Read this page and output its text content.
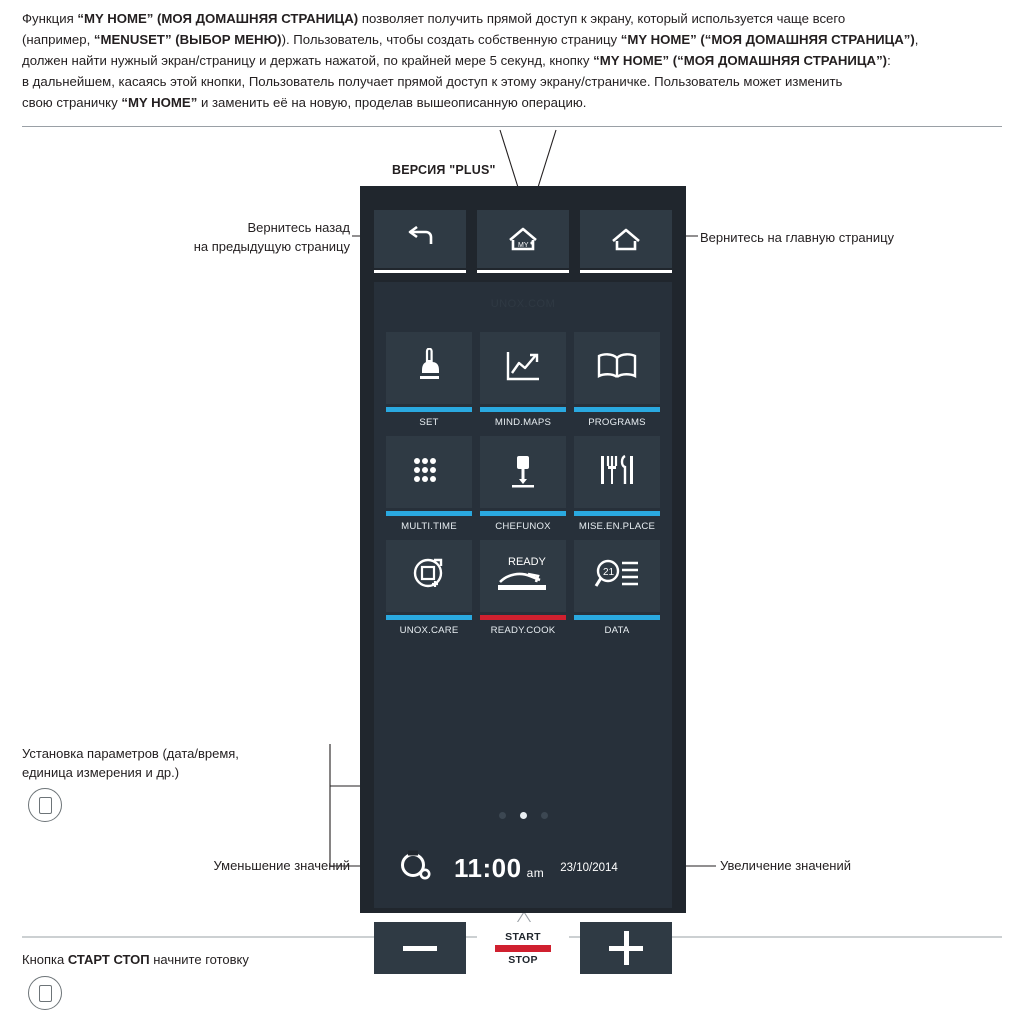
Функция “MY HOME” (МОЯ ДОМАШНЯЯ СТРАНИЦА) позволяет получить прямой доступ к экрану, который используется чаще всего
(например, “MENUSET” (ВЫБОР МЕНЮ)). Пользователь, чтобы создать собственную страницу “MY HOME” (“МОЯ ДОМАШНЯЯ СТРАНИЦА”),
должен найти нужный экран/страницу и держать нажатой, по крайней мере 5 секунд, кнопку “MY HOME” (“МОЯ ДОМАШНЯЯ СТРАНИЦА”):
в дальнейшем, касаясь этой кнопки, Пользователь получает прямой доступ к этому экрану/страничке. Пользователь может изменить
свою страничку “MY HOME” и заменить её на новую, проделав вышеописанную операцию.
ВЕРСИЯ "PLUS"
MY
UNOX.COM
SET	MIND.MAPS	PROGRAMS
MULTI.TIME	CHEFUNOX	MISE.EN.PLACE
UNOX.CARE
READY
READY.COOK
21
DATA
11:00 am 23/10/2014
START
STOP
Вернитесь назад
на предыдущую страницу
Вернитесь на главную страницу
Установка параметров (дата/время,
единица измерения и др.)
Уменьшение значений	Увеличение значений
Кнопка СТАРТ СТОП начните готовку
